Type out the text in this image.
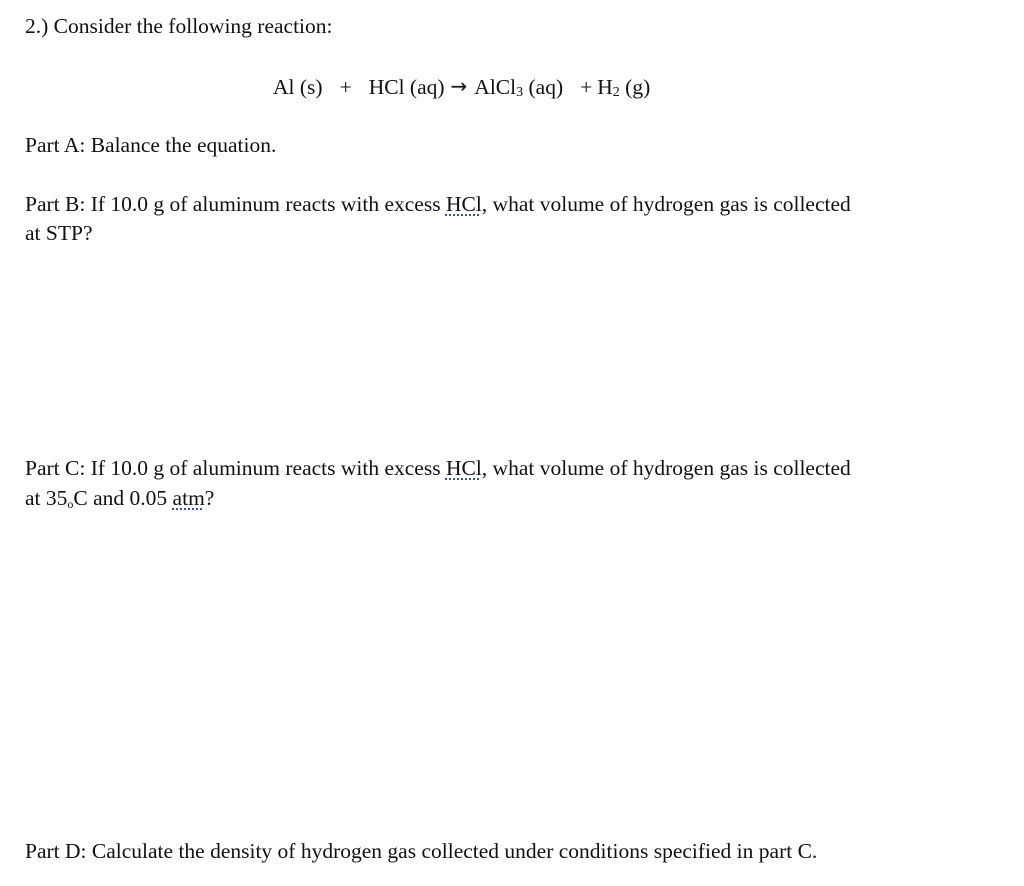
2.) Consider the following reaction:
Al (s) + HCl (aq) → AlCl$_3$ $(aq) + H_2$ (g)
Part A: Balance the equation.
Part B: If 10.0 g of aluminum reacts with excess HCl, what volume of hydrogen gas is collected
at STP?
Part C: If 10.0 g of aluminum reacts with excess HCl, what volume of hydrogen gas is collected
at 35oC and 0.05 atm?
Part D: Calculate the density of hydrogen gas collected under conditions specified in part C.
